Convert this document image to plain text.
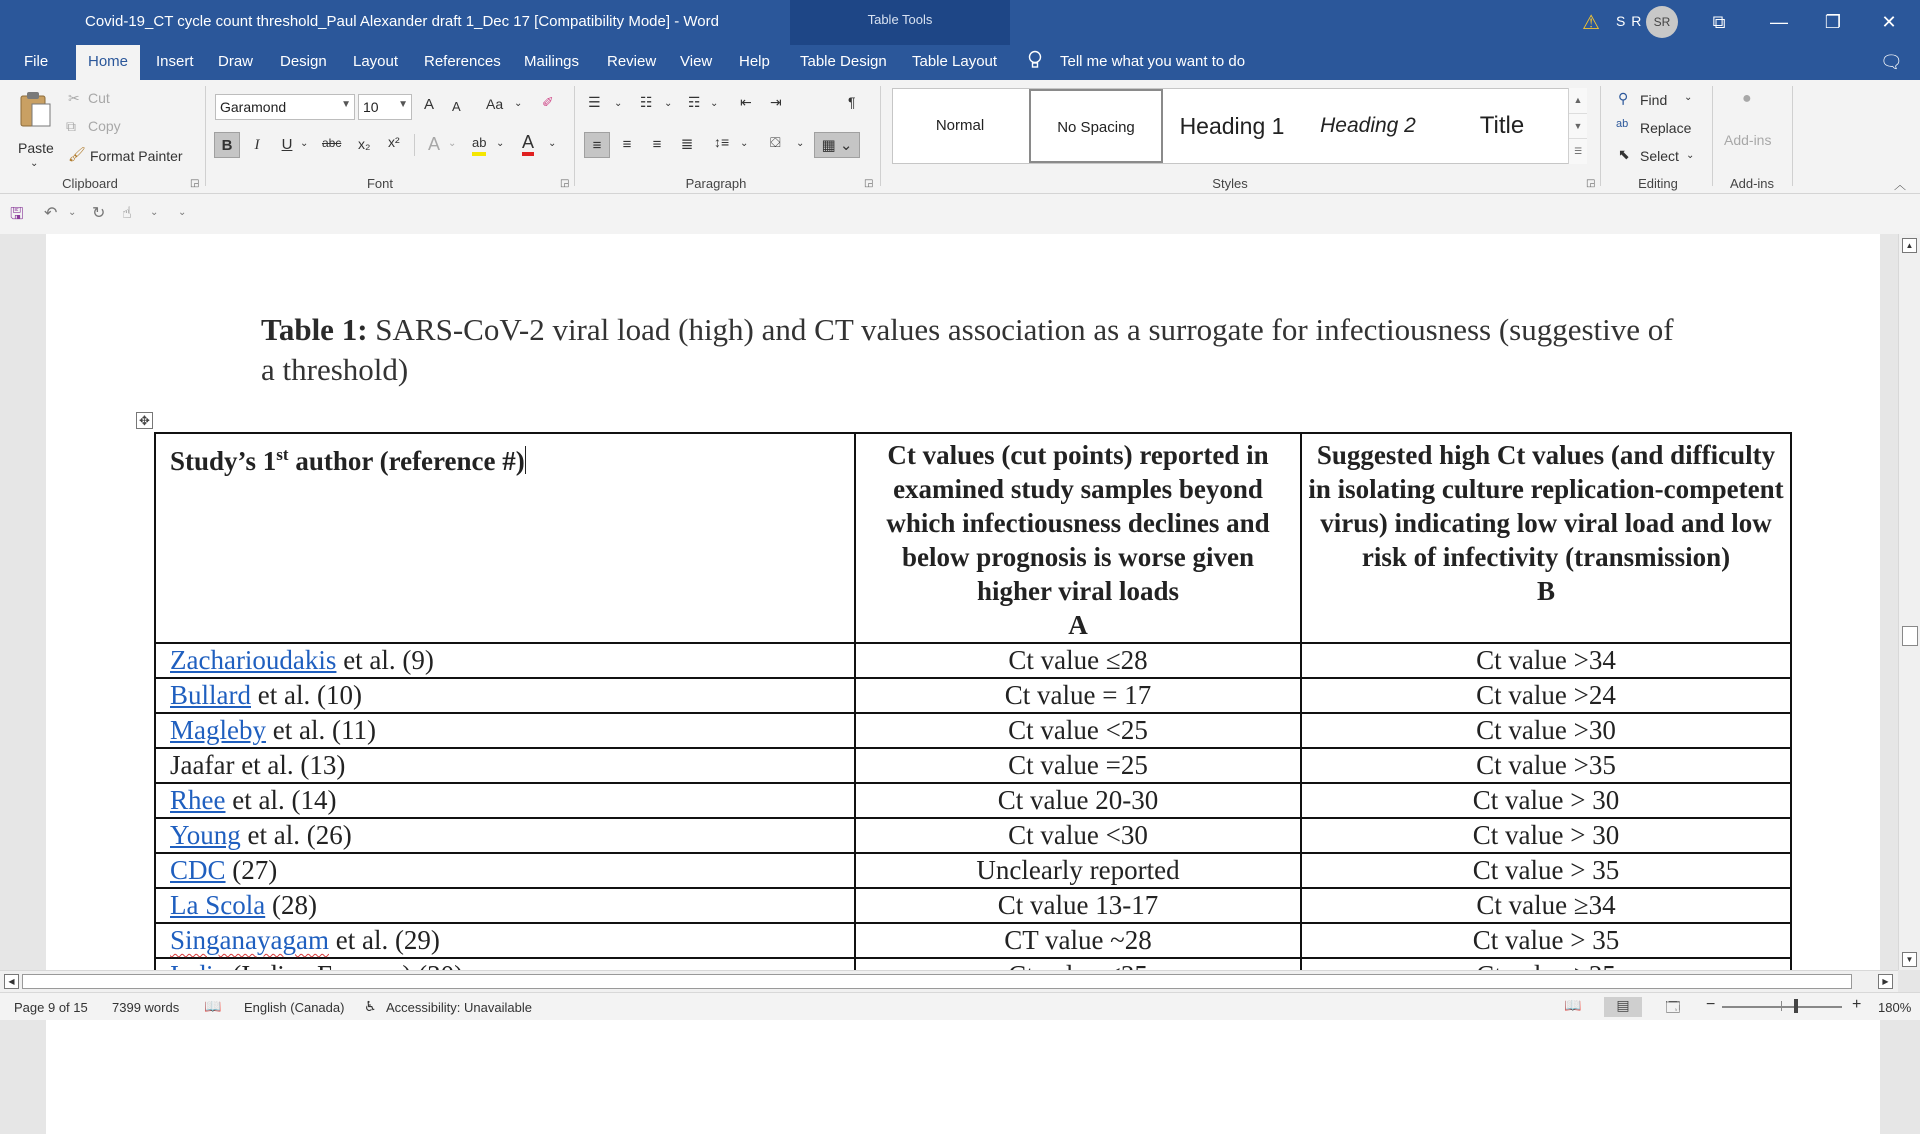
Covid-19_CT cycle count threshold_Paul Alexander draft 1_Dec 17 [Compatibility Mode] - Word	Table Tools	⚠ S R SR	⧉	—	❐	✕
File	Home	Insert Draw Design Layout References Mailings Review View Help Table Design Table Layout	Tell me what you want to do	🗨
Paste
⌄
✂ Cut
⧉ Copy
🖌 Format Painter
Clipboard	◲
Garamond	▼ 10 ▼ A A Aa ⌄ ✐
B	I	U ⌄ abc x₂ x² A ⌄ ab ⌄ A ⌄
Font	◲
☰ ⌄ ☷ ⌄ ☶ ⌄ ⇤ ⇥	¶
≡	≡	≡	≣	↕≡ ⌄ ⛋ ⌄	▦ ⌄
Paragraph	◲
Normal	No Spacing	Heading 1	Heading 2	Title
▲
▼
☰
Styles	◲
⚲ Find ⌄
ab Replace
⬉ Select ⌄
Editing
●
Add-ins
Add-ins	︿
🖫 ↶ ⌄ ↻ ☝ ⌄ ⌄
Table 1: SARS-CoV-2 viral load (high) and CT values association as a surrogate for infectiousness (suggestive of a threshold)
✥
Study’s 1st author (reference #)	Ct values (cut points) reported in examined study samples beyond which infectiousness declines and below prognosis is worse given higher viral loads
A	Suggested high Ct values (and difficulty in isolating culture replication-competent virus) indicating low viral load and low risk of infectivity (transmission)
B
Zacharioudakis et al. (9)	Ct value ≤28	Ct value >34
Bullard et al. (10)	Ct value = 17	Ct value >24
Magleby et al. (11)	Ct value <25	Ct value >30
Jaafar et al. (13)	Ct value =25	Ct value >35
Rhee et al. (14)	Ct value 20-30	Ct value > 30
Young et al. (26)	Ct value <30	Ct value > 30
CDC (27)	Unclearly reported	Ct value > 35
La Scola (28)	Ct value 13-17	Ct value ≥34
Singanayagam et al. (29)	CT value ~28	Ct value > 35

▲
▼
◀	▶
Page 9 of 15 7399 words 📖 English (Canada) ♿ Accessibility: Unavailable	📖	▤	🗔	−	+ 180%
